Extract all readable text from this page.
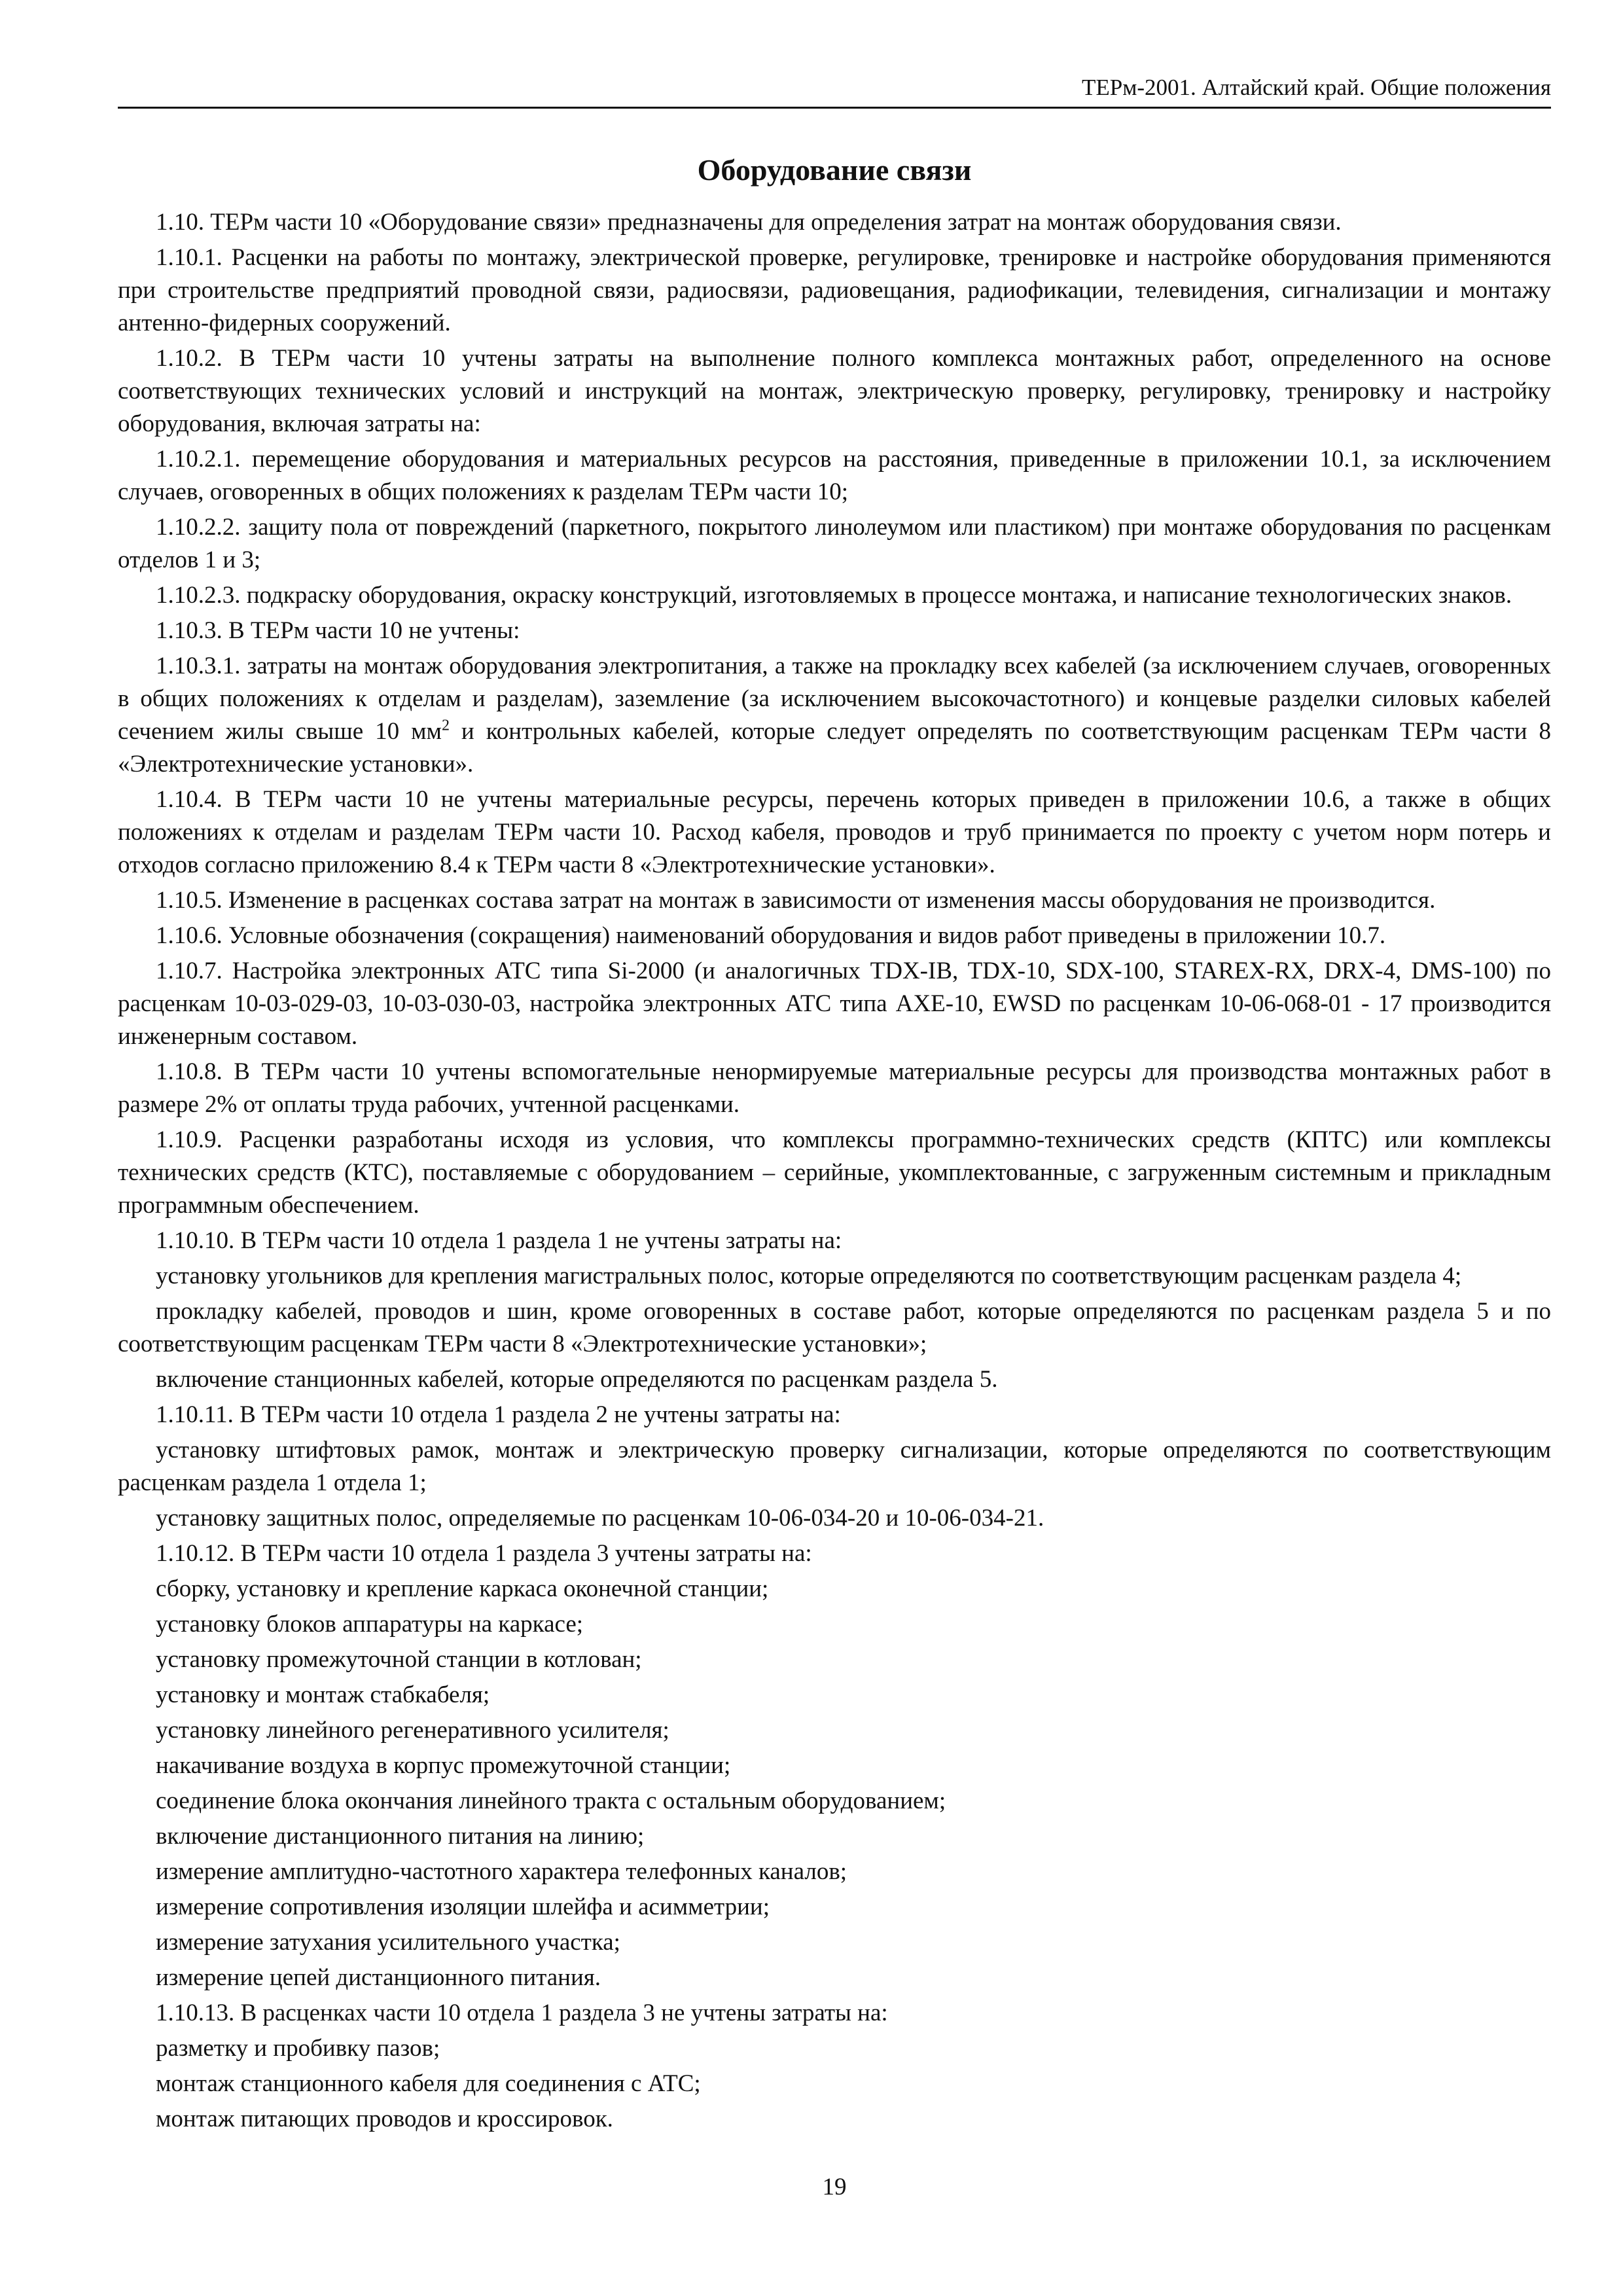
ТЕРм-2001. Алтайский край. Общие положения
Оборудование связи

1.10. ТЕРм части 10 «Оборудование связи» предназначены для определения затрат на монтаж оборудования связи.

1.10.1. Расценки на работы по монтажу, электрической проверке, регулировке, тренировке и настройке оборудования применяются при строительстве предприятий проводной связи, радиосвязи, радиовещания, радиофикации, телевидения, сигнализации и монтажу антенно-фидерных сооружений.

1.10.2. В ТЕРм части 10 учтены затраты на выполнение полного комплекса монтажных работ, определенного на основе соответствующих технических условий и инструкций на монтаж, электрическую проверку, регулировку, тренировку и настройку оборудования, включая затраты на:

1.10.2.1. перемещение оборудования и материальных ресурсов на расстояния, приведенные в приложении 10.1, за исключением случаев, оговоренных в общих положениях к разделам ТЕРм части 10;

1.10.2.2. защиту пола от повреждений (паркетного, покрытого линолеумом или пластиком) при монтаже оборудования по расценкам отделов 1 и 3;

1.10.2.3. подкраску оборудования, окраску конструкций, изготовляемых в процессе монтажа, и написание технологических знаков.

1.10.3. В ТЕРм части 10 не учтены:

1.10.3.1. затраты на монтаж оборудования электропитания, а также на прокладку всех кабелей (за исключением случаев, оговоренных в общих положениях к отделам и разделам), заземление (за исключением высокочастотного) и концевые разделки силовых кабелей сечением жилы свыше 10 $мм^2$ и контрольных кабелей, которые следует определять по соответствующим расценкам ТЕРм части 8 «Электротехнические установки».

1.10.4. В ТЕРм части 10 не учтены материальные ресурсы, перечень которых приведен в приложении 10.6, а также в общих положениях к отделам и разделам ТЕРм части 10. Расход кабеля, проводов и труб принимается по проекту с учетом норм потерь и отходов согласно приложению 8.4 к ТЕРм части 8 «Электротехнические установки».

1.10.5. Изменение в расценках состава затрат на монтаж в зависимости от изменения массы оборудования не производится.

1.10.6. Условные обозначения (сокращения) наименований оборудования и видов работ приведены в приложении 10.7.

1.10.7. Настройка электронных АТС типа Si-2000 (и аналогичных TDX-IB, TDX-10, SDX-100, STAREX-RX, DRX-4, DMS-100) по расценкам 10-03-029-03, 10-03-030-03, настройка электронных АТС типа AXE-10, EWSD по расценкам 10-06-068-01 - 17 производится инженерным составом.

1.10.8. В ТЕРм части 10 учтены вспомогательные ненормируемые материальные ресурсы для производства монтажных работ в размере 2% от оплаты труда рабочих, учтенной расценками.

1.10.9. Расценки разработаны исходя из условия, что комплексы программно-технических средств (КПТС) или комплексы технических средств (КТС), поставляемые с оборудованием – серийные, укомплектованные, с загруженным системным и прикладным программным обеспечением.

1.10.10. В ТЕРм части 10 отдела 1 раздела 1 не учтены затраты на:

установку угольников для крепления магистральных полос, которые определяются по соответствующим расценкам раздела 4;

прокладку кабелей, проводов и шин, кроме оговоренных в составе работ, которые определяются по расценкам раздела 5 и по соответствующим расценкам ТЕРм части 8 «Электротехнические установки»;

включение станционных кабелей, которые определяются по расценкам раздела 5.

1.10.11. В ТЕРм части 10 отдела 1 раздела 2 не учтены затраты на:

установку штифтовых рамок, монтаж и электрическую проверку сигнализации, которые определяются по соответствующим расценкам раздела 1 отдела 1;

установку защитных полос, определяемые по расценкам 10-06-034-20 и 10-06-034-21.

1.10.12. В ТЕРм части 10 отдела 1 раздела 3 учтены затраты на:

сборку, установку и крепление каркаса оконечной станции;

установку блоков аппаратуры на каркасе;

установку промежуточной станции в котлован;

установку и монтаж стабкабеля;

установку линейного регенеративного усилителя;

накачивание воздуха в корпус промежуточной станции;

соединение блока окончания линейного тракта с остальным оборудованием;

включение дистанционного питания на линию;

измерение амплитудно-частотного характера телефонных каналов;

измерение сопротивления изоляции шлейфа и асимметрии;

измерение затухания усилительного участка;

измерение цепей дистанционного питания.

1.10.13. В расценках части 10 отдела 1 раздела 3 не учтены затраты на:

разметку и пробивку пазов;

монтаж станционного кабеля для соединения с АТС;

монтаж питающих проводов и кроссировок.

19
